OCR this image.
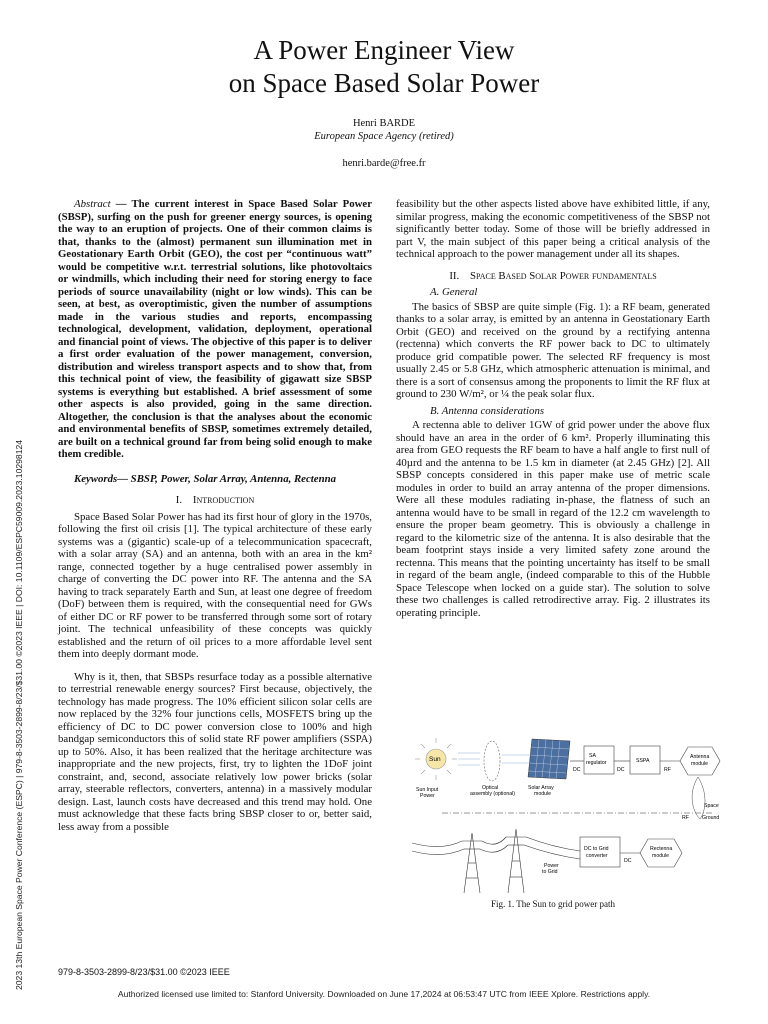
A Power Engineer View
on Space Based Solar Power
Henri BARDE
European Space Agency (retired)
henri.barde@free.fr
2023 13th European Space Power Conference (ESPC) | 979-8-3503-2899-8/23/$31.00 ©2023 IEEE | DOI: 10.1109/ESPC59009.2023.10298124

Abstract — The current interest in Space Based Solar Power (SBSP), surfing on the push for greener energy sources, is opening the way to an eruption of projects. One of their common claims is that, thanks to the (almost) permanent sun illumination met in Geostationary Earth Orbit (GEO), the cost per “continuous watt” would be competitive w.r.t. terrestrial solutions, like photovoltaics or windmills, which including their need for storing energy to face periods of source unavailability (night or low winds). This can be seen, at best, as overoptimistic, given the number of assumptions made in the various studies and reports, encompassing technological, development, validation, deployment, operational and financial point of views. The objective of this paper is to deliver a first order evaluation of the power management, conversion, distribution and wireless transport aspects and to show that, from this technical point of view, the feasibility of gigawatt size SBSP systems is everything but established. A brief assessment of some other aspects is also provided, going in the same direction. Altogether, the conclusion is that the analyses about the economic and environmental benefits of SBSP, sometimes extremely detailed, are built on a technical ground far from being solid enough to make them credible.

Keywords— SBSP, Power, Solar Array, Antenna, Rectenna

I. Introduction

Space Based Solar Power has had its first hour of glory in the 1970s, following the first oil crisis [1]. The typical architecture of these early systems was a (gigantic) scale-up of a telecommunication spacecraft, with a solar array (SA) and an antenna, both with an area in the km² range, connected together by a huge centralised power assembly in charge of converting the DC power into RF. The antenna and the SA having to track separately Earth and Sun, at least one degree of freedom (DoF) between them is required, with the consequential need for GWs of either DC or RF power to be transferred through some sort of rotary joint. The technical unfeasibility of these concepts was quickly established and the return of oil prices to a more affordable level sent them into deeply dormant mode.

Why is it, then, that SBSPs resurface today as a possible alternative to terrestrial renewable energy sources? First because, objectively, the technology has made progress. The 10% efficient silicon solar cells are now replaced by the 32% four junctions cells, MOSFETS bring up the efficiency of DC to DC power conversion close to 100% and high bandgap semiconductors this of solid state RF power amplifiers (SSPA) up to 50%. Also, it has been realized that the heritage architecture was inappropriate and the new projects, first, try to lighten the 1DoF joint constraint, and, second, associate relatively low power bricks (solar array, steerable reflectors, converters, antenna) in a massively modular design. Last, launch costs have decreased and this trend may hold. One must acknowledge that these facts bring SBSP closer to or, better said, less away from a possible

feasibility but the other aspects listed above have exhibited little, if any, similar progress, making the economic competitiveness of the SBSP not significantly better today. Some of those will be briefly addressed in part V, the main subject of this paper being a critical analysis of the technical approach to the power management under all its shapes.

II. Space Based Solar Power fundamentals
A. General

The basics of SBSP are quite simple (Fig. 1): a RF beam, generated thanks to a solar array, is emitted by an antenna in Geostationary Earth Orbit (GEO) and received on the ground by a rectifying antenna (rectenna) which converts the RF power back to DC to ultimately produce grid compatible power. The selected RF frequency is most usually 2.45 or 5.8 GHz, which atmospheric attenuation is minimal, and there is a sort of consensus among the proponents to limit the RF flux at ground to 230 W/m², or ¼ the peak solar flux.

B. Antenna considerations

A rectenna able to deliver 1GW of grid power under the above flux should have an area in the order of 6 km². Properly illuminating this area from GEO requests the RF beam to have a half angle to first null of 40µrd and the antenna to be 1.5 km in diameter (at 2.45 GHz) [2]. All SBSP concepts considered in this paper make use of metric scale modules in order to build an array antenna of the proper dimensions. Were all these modules radiating in-phase, the flatness of such an antenna would have to be small in regard of the 12.2 cm wavelength to ensure the proper beam geometry. This is obviously a challenge in regard to the kilometric size of the antenna. It is also desirable that the beam footprint stays inside a very limited safety zone around the rectenna. This means that the pointing uncertainty has itself to be small in regard of the beam angle, (indeed comparable to this of the Hubble Space Telescope when locked on a guide star). The solution to solve these two challenges is called retrodirective array. Fig. 2 illustrates its operating principle.

Sun
Sun Input
Power
Optical
assembly (optional)
Solar Array
module
DC
SA
regulator
DC
SSPA
RF
Antenna
module
RF
Space
Ground
Power
to Grid
DC to Grid
converter
DC
Rectenna
module
Fig. 1. The Sun to grid power path
979-8-3503-2899-8/23/$31.00 ©2023 IEEE
Authorized licensed use limited to: Stanford University. Downloaded on June 17,2024 at 06:53:47 UTC from IEEE Xplore. Restrictions apply.
